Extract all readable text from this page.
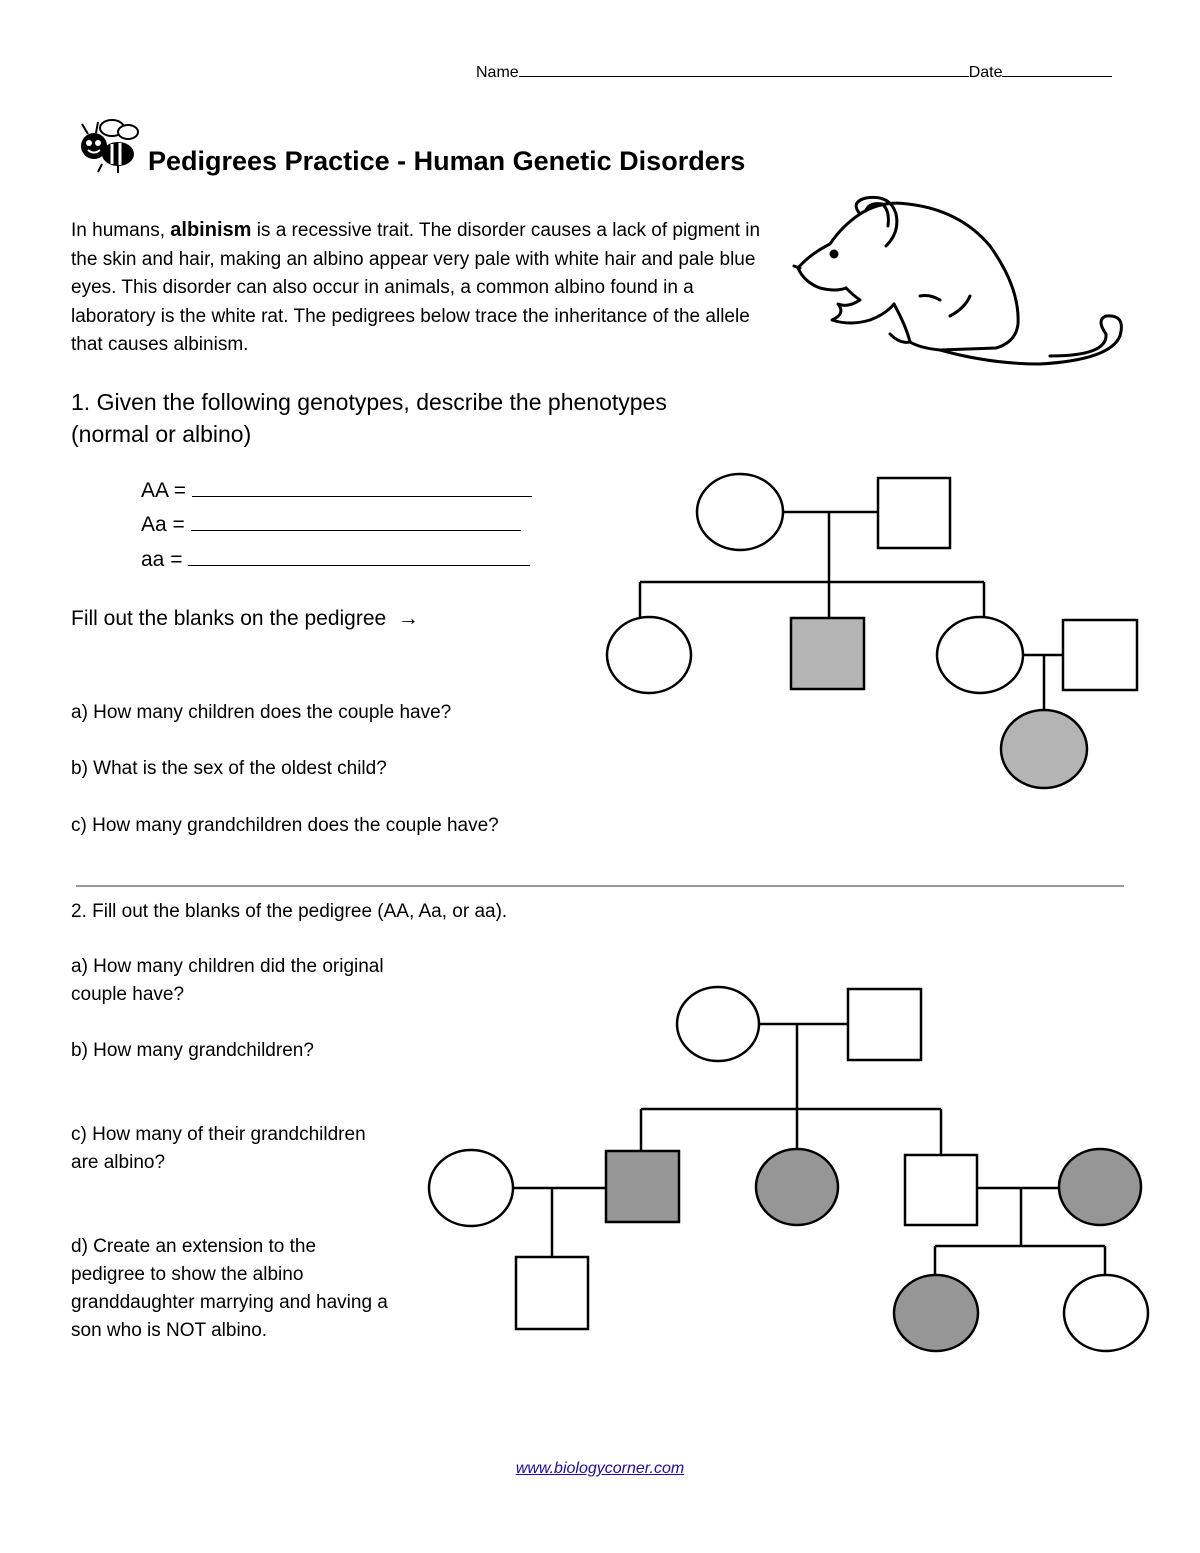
Name	Date
Pedigrees Practice - Human Genetic Disorders
In humans, albinism is a recessive trait. The disorder causes a lack of pigment in the skin and hair, making an albino appear very pale with white hair and pale blue eyes. This disorder can also occur in animals, a common albino found in a laboratory is the white rat. The pedigrees below trace the inheritance of the allele that causes albinism.
1. Given the following genotypes, describe the phenotypes (normal or albino)
AA =
Aa =
aa =
Fill out the blanks on the pedigree →
a) How many children does the couple have?
b) What is the sex of the oldest child?
c) How many grandchildren does the couple have?
2. Fill out the blanks of the pedigree (AA, Aa, or aa).
a) How many children did the original couple have?
b) How many grandchildren?
c) How many of their grandchildren are albino?
d) Create an extension to the pedigree to show the albino granddaughter marrying and having a son who is NOT albino.
www.biologycorner.com
